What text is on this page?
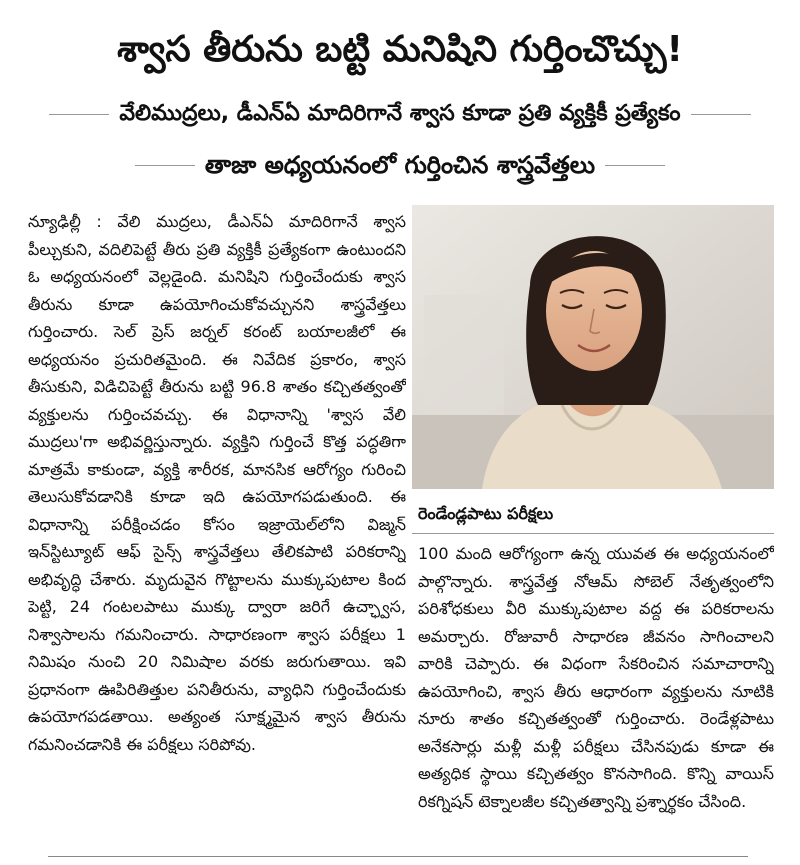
శ్వాస తీరును బట్టి మనిషిని గుర్తించొచ్చు!
వేలిముద్రలు, డీఎన్‌ఏ మాదిరిగానే శ్వాస కూడా ప్రతి వ్యక్తికీ ప్రత్యేకం
తాజా అధ్యయనంలో గుర్తించిన శాస్త్రవేత్తలు

న్యూఢిల్లీ : వేలి ముద్రలు, డీఎన్‌ఏ మాదిరిగానే శ్వాస పీల్చుకుని, వదిలిపెట్టే తీరు ప్రతి వ్యక్తికీ ప్రత్యేకంగా ఉంటుందని ఓ అధ్యయనంలో వెల్లడైంది. మనిషిని గుర్తించేందుకు శ్వాస తీరును కూడా ఉపయోగించుకోవచ్చునని శాస్త్రవేత్తలు గుర్తించారు. సెల్ ప్రెస్ జర్నల్ కరంట్ బయాలజీలో ఈ అధ్యయనం ప్రచురితమైంది. ఈ నివేదిక ప్రకారం, శ్వాస తీసుకుని, విడిచిపెట్టే తీరును బట్టి 96.8 శాతం కచ్చితత్వంతో వ్యక్తులను గుర్తించవచ్చు. ఈ విధానాన్ని 'శ్వాస వేలి ముద్రలు'గా అభివర్ణిస్తున్నారు. వ్యక్తిని గుర్తించే కొత్త పద్ధతిగా మాత్రమే కాకుండా, వ్యక్తి శారీరక, మానసిక ఆరోగ్యం గురించి తెలుసుకోవడానికి కూడా ఇది ఉపయోగపడుతుంది. ఈ విధానాన్ని పరీక్షించడం కోసం ఇజ్రాయెల్‌లోని విజ్మన్ ఇన్‌స్టిట్యూట్ ఆఫ్ సైన్స్ శాస్త్రవేత్తలు తేలికపాటి పరికరాన్ని అభివృద్ధి చేశారు. మృదువైన గొట్టాలను ముక్కుపుటాల కింద పెట్టి, 24 గంటలపాటు ముక్కు ద్వారా జరిగే ఉచ్ఛ్వాస, నిశ్వాసాలను గమనించారు. సాధారణంగా శ్వాస పరీక్షలు 1 నిమిషం నుంచి 20 నిమిషాల వరకు జరుగుతాయి. ఇవి ప్రధానంగా ఊపిరితిత్తుల పనితీరును, వ్యాధిని గుర్తించేందుకు ఉపయోగపడతాయి. అత్యంత సూక్ష్మమైన శ్వాస తీరును గమనించడానికి ఈ పరీక్షలు సరిపోవు.

రెండేండ్లపాటు పరీక్షలు

100 మంది ఆరోగ్యంగా ఉన్న యువత ఈ అధ్యయనంలో పాల్గొన్నారు. శాస్త్రవేత్త నోఆమ్ సోబెల్ నేతృత్వంలోని పరిశోధకులు వీరి ముక్కుపుటాల వద్ద ఈ పరికరాలను అమర్చారు. రోజువారీ సాధారణ జీవనం సాగించాలని వారికి చెప్పారు. ఈ విధంగా సేకరించిన సమాచారాన్ని ఉపయోగించి, శ్వాస తీరు ఆధారంగా వ్యక్తులను నూటికి నూరు శాతం కచ్చితత్వంతో గుర్తించారు. రెండేళ్లపాటు అనేకసార్లు మళ్లీ మళ్లీ పరీక్షలు చేసినపుడు కూడా ఈ అత్యధిక స్థాయి కచ్చితత్వం కొనసాగింది. కొన్ని వాయిస్ రికగ్నిషన్ టెక్నాలజీల కచ్చితత్వాన్ని ప్రశ్నార్థకం చేసింది.
